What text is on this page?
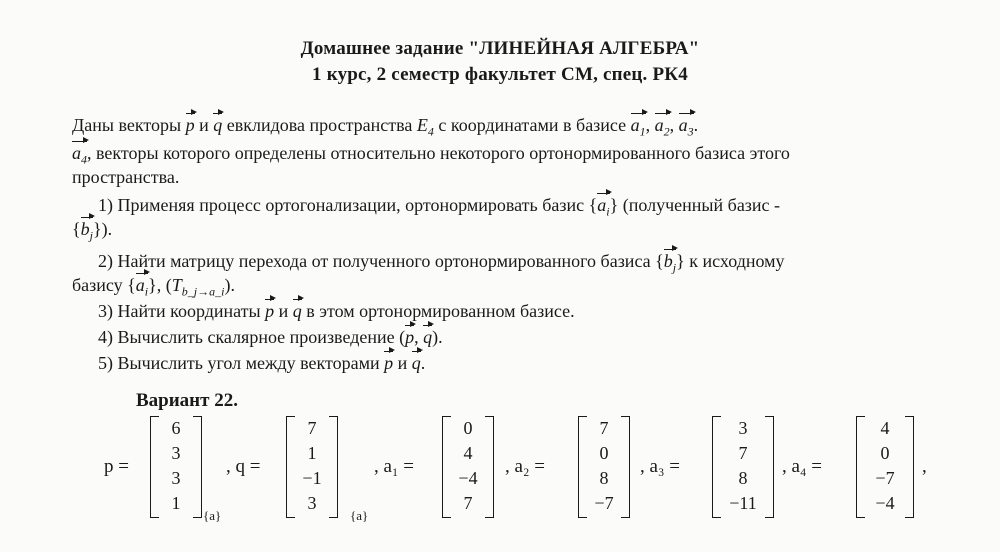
Домашнее задание "ЛИНЕЙНАЯ АЛГЕБРА"
1 курс, 2 семестр факультет СМ, спец. РК4
Даны векторы p и q евклидова пространства $E_4$ с координатами в базисе $a_1$, $a_2$, $a_3$.
$a_4$, векторы которого определены относительно некоторого ортонормированного базиса этого
пространства.
1) Применяя процесс ортогонализации, ортонормировать базис $\{a_i\}$ (полученный базис -
$\{b_j\}$).
2) Найти матрицу перехода от полученного ортонормированного базиса $\{b_j\}$ к исходному
базису $\{a_i\}$, $(T_{b\_j\to a\_i})$.
3) Найти координаты p и q в этом ортонормированном базисе.
4) Вычислить скалярное произведение (p, q).
5) Вычислить угол между векторами p и q.
Вариант 22.
p =
6
3
3
1
{a}
, q =
7
1
−1
3
{a}
, a₁ =
0
4
−4
7
, a₂ =
7
0
8
−7
, a₃ =
3
7
8
−11
, a₄ =
4
0
−7
−4
,
